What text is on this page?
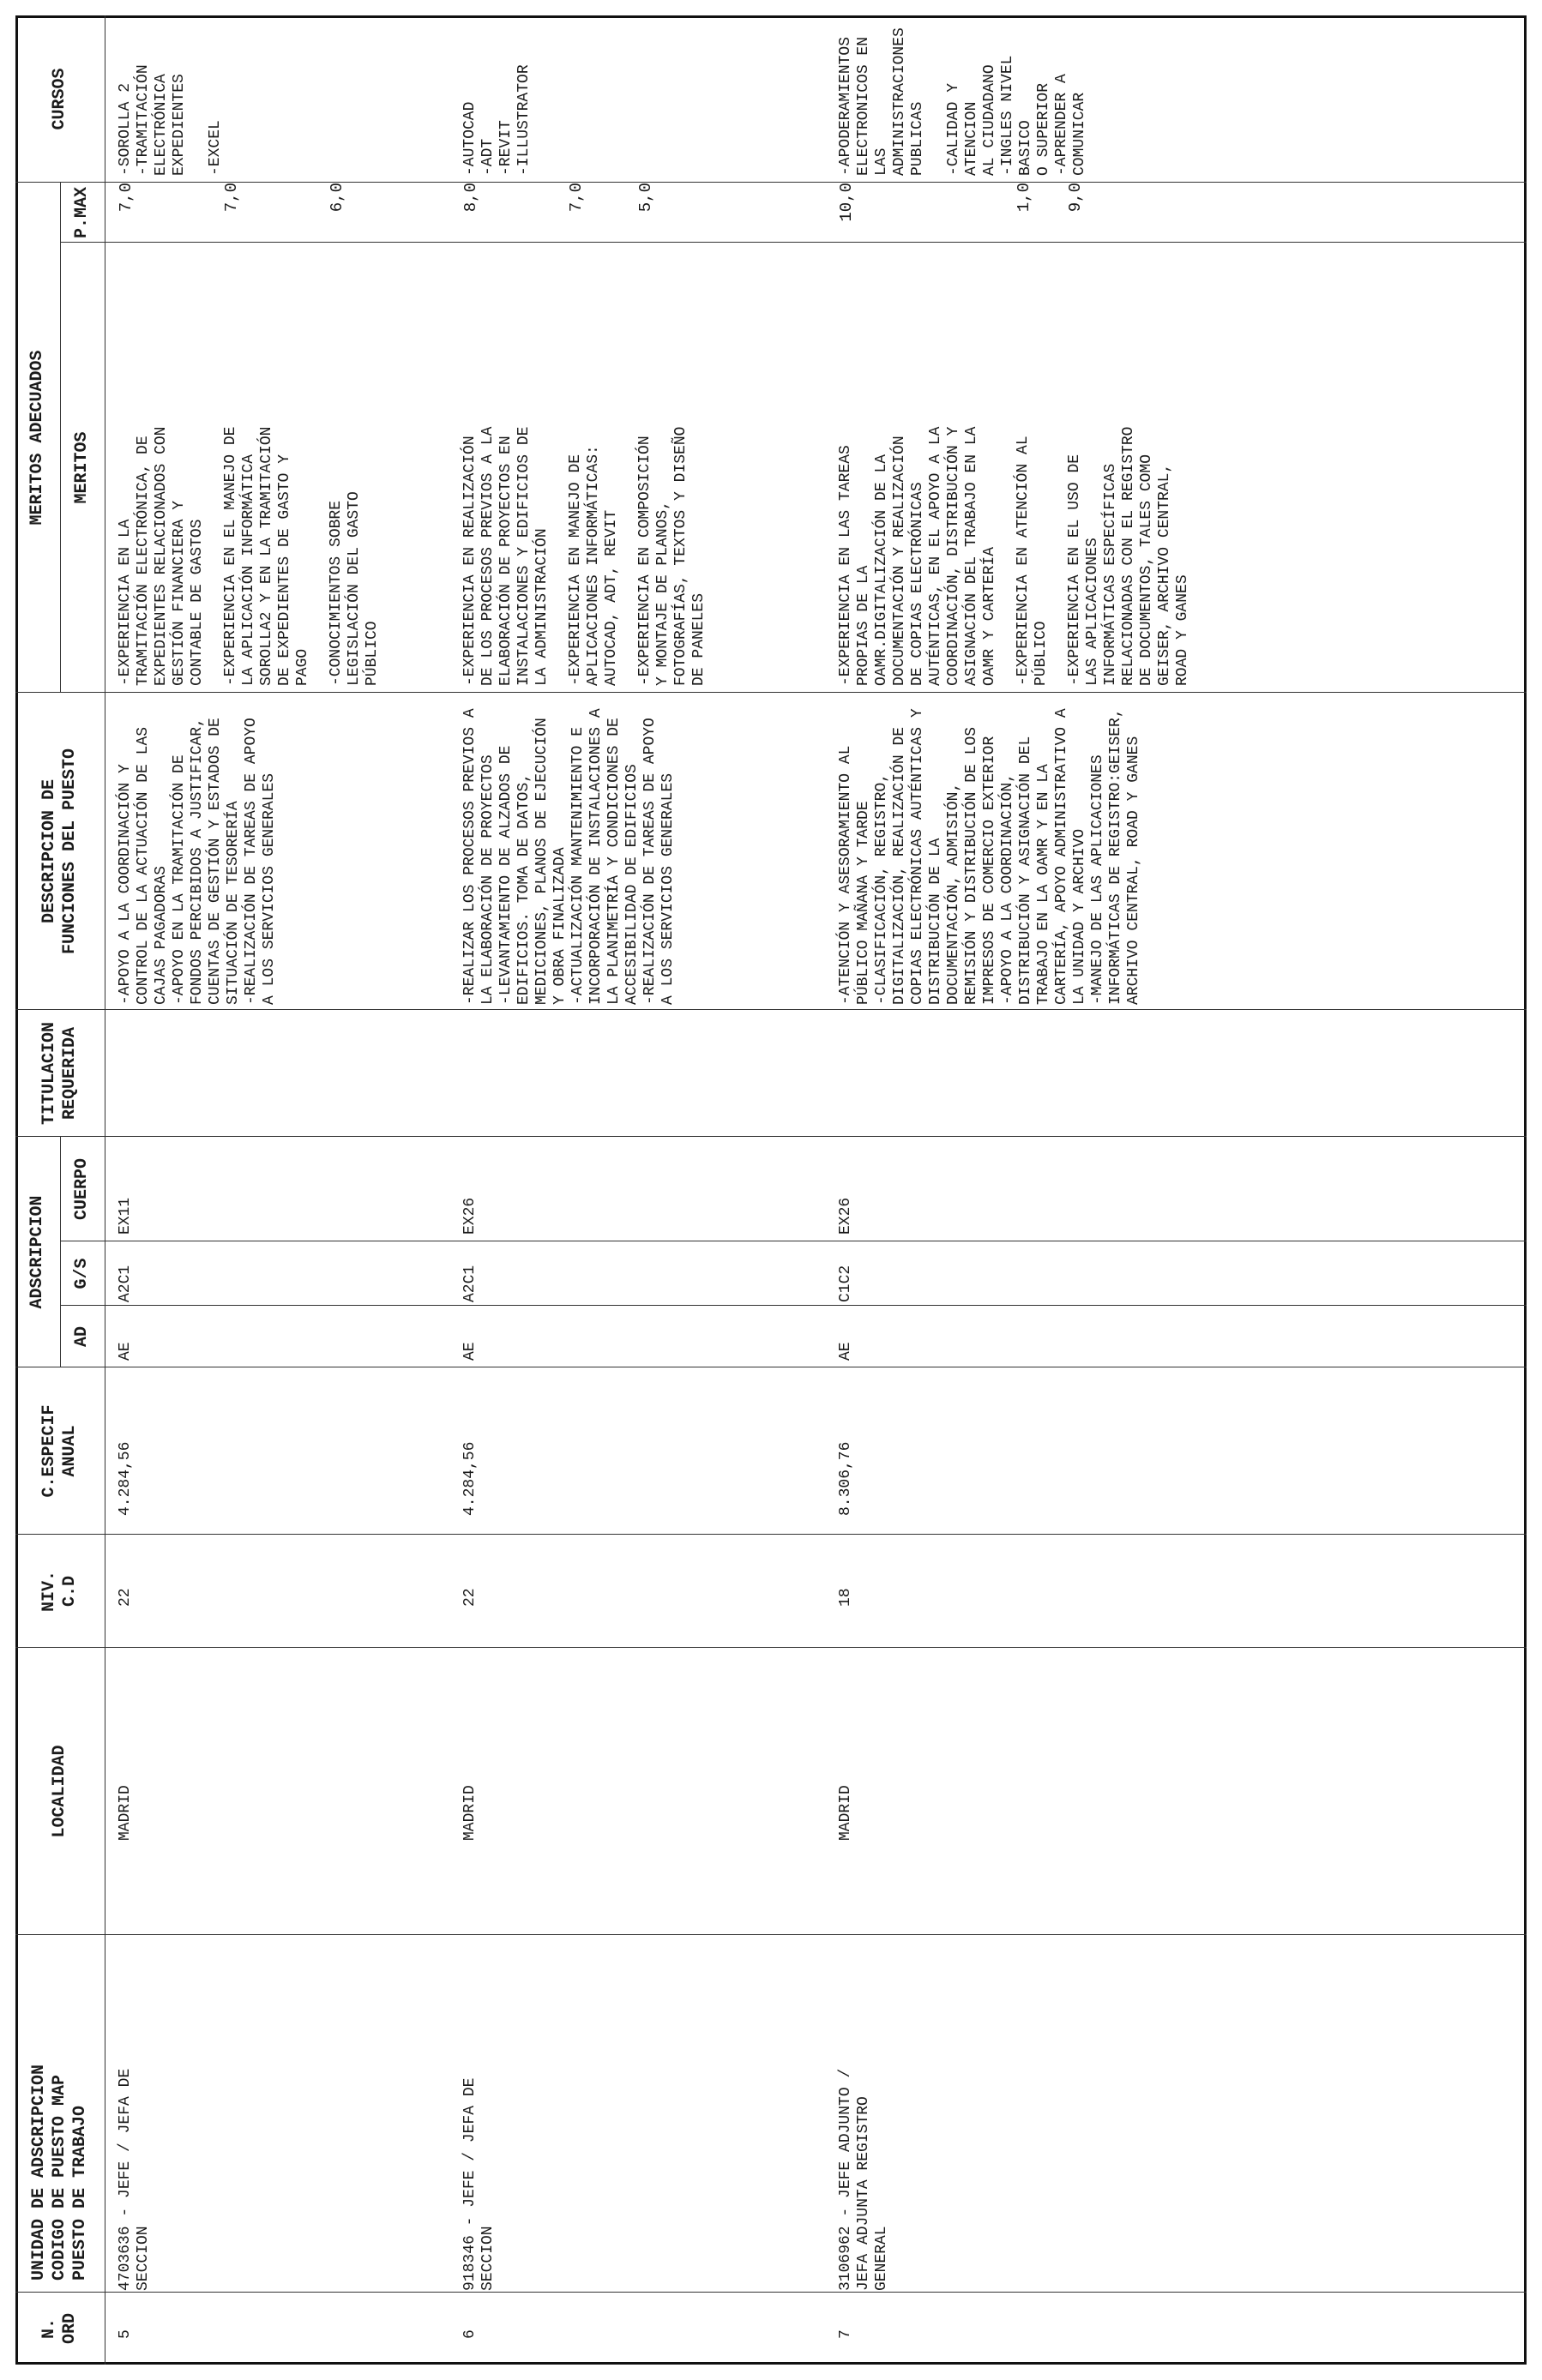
N. ORD
UNIDAD DE ADSCRIPCION CODIGO DE PUESTO MAP PUESTO DE TRABAJO
LOCALIDAD
NIV. C.D
C.ESPECIF ANUAL
ADSCRIPCION
AD
G/S
CUERPO
TITULACION REQUERIDA
DESCRIPCION DE FUNCIONES DEL PUESTO
MERITOS ADECUADOS MERITOS
P.MAX
CURSOS
5
4703636 - JEFE / JEFA DE
SECCION
MADRID
22
4.284,56
AE
A2C1
EX11
-APOYO A LA COORDINACIÓN Y
CONTROL DE LA ACTUACIÓN DE LAS
CAJAS PAGADORAS
-APOYO EN LA TRAMITACIÓN DE
FONDOS PERCIBIDOS A JUSTIFICAR,
CUENTAS DE GESTIÓN Y ESTADOS DE
SITUACIÓN DE TESORERÍA
-REALIZACIÓN DE TAREAS DE APOYO
A LOS SERVICIOS GENERALES
-EXPERIENCIA EN LA
TRAMITACIÓN ELECTRÓNICA, DE
EXPEDIENTES RELACIONADOS CON
GESTIÓN FINANCIERA Y
CONTABLE DE GASTOS
7,0
-EXPERIENCIA EN EL MANEJO DE
LA APLICACIÓN INFORMÁTICA
SOROLLA2 Y EN LA TRAMITACIÓN
DE EXPEDIENTES DE GASTO Y
PAGO
7,0
-CONOCIMIENTOS SOBRE
LEGISLACIÓN DEL GASTO
PÚBLICO
6,0
-SOROLLA 2
-TRAMITACIÓN
ELECTRÓNICA
EXPEDIENTES

-EXCEL
6
918346 - JEFE / JEFA DE
SECCION
MADRID
22
4.284,56
AE
A2C1
EX26
-REALIZAR LOS PROCESOS PREVIOS A
LA ELABORACIÓN DE PROYECTOS
-LEVANTAMIENTO DE ALZADOS DE
EDIFICIOS. TOMA DE DATOS,
MEDICIONES, PLANOS DE EJECUCIÓN
Y OBRA FINALIZADA
-ACTUALIZACIÓN MANTENIMIENTO E
INCORPORACIÓN DE INSTALACIONES A
LA PLANIMETRÍA Y CONDICIONES DE
ACCESIBILIDAD DE EDIFICIOS
-REALIZACIÓN DE TAREAS DE APOYO
A LOS SERVICIOS GENERALES
-EXPERIENCIA EN REALIZACIÓN
DE LOS PROCESOS PREVIOS A LA
ELABORACIÓN DE PROYECTOS EN
INSTALACIONES Y EDIFICIOS DE
LA ADMINISTRACIÓN
8,0
-EXPERIENCIA EN MANEJO DE
APLICACIONES INFORMÁTICAS:
AUTOCAD, ADT, REVIT
7,0
-EXPERIENCIA EN COMPOSICIÓN
Y MONTAJE DE PLANOS,
FOTOGRAFÍAS, TEXTOS Y DISEÑO
DE PANELES
5,0
-AUTOCAD
-ADT
-REVIT
-ILLUSTRATOR
7
3106962 - JEFE ADJUNTO /
JEFA ADJUNTA REGISTRO
GENERAL
MADRID
18
8.306,76
AE
C1C2
EX26
-ATENCIÓN Y ASESORAMIENTO AL
PÚBLICO MAÑANA Y TARDE
-CLASIFICACIÓN, REGISTRO,
DIGITALIZACIÓN, REALIZACIÓN DE
COPIAS ELECTRÓNICAS AUTÉNTICAS Y
DISTRIBUCIÓN DE LA
DOCUMENTACIÓN, ADMISIÓN,
REMISIÓN Y DISTRIBUCIÓN DE LOS
IMPRESOS DE COMERCIO EXTERIOR
-APOYO A LA COORDINACIÓN,
DISTRIBUCIÓN Y ASIGNACIÓN DEL
TRABAJO EN LA OAMR Y EN LA
CARTERÍA, APOYO ADMINISTRATIVO A
LA UNIDAD Y ARCHIVO
-MANEJO DE LAS APLICACIONES
INFORMÁTICAS DE REGISTRO:GEISER,
ARCHIVO CENTRAL, ROAD Y GANES
-EXPERIENCIA EN LAS TAREAS
PROPIAS DE LA
OAMR.DIGITALIZACIÓN DE LA
DOCUMENTACIÓN Y REALIZACIÓN
DE COPIAS ELECTRÓNICAS
AUTÉNTICAS, EN EL APOYO A LA
COORDINACIÓN, DISTRIBUCIÓN Y
ASIGNACIÓN DEL TRABAJO EN LA
OAMR Y CARTERÍA
10,0
-EXPERIENCIA EN ATENCIÓN AL
PÚBLICO
1,0
-EXPERIENCIA EN EL USO DE
LAS APLICACIONES
INFORMÁTICAS ESPECÍFICAS
RELACIONADAS CON EL REGISTRO
DE DOCUMENTOS, TALES COMO
GEISER, ARCHIVO CENTRAL,
ROAD Y GANES
9,0
-APODERAMIENTOS
ELECTRONICOS EN LAS
ADMINISTRACIONES
PUBLICAS

-CALIDAD Y ATENCION
AL CIUDADANO
-INGLES NIVEL BASICO
O SUPERIOR
-APRENDER A
COMUNICAR
